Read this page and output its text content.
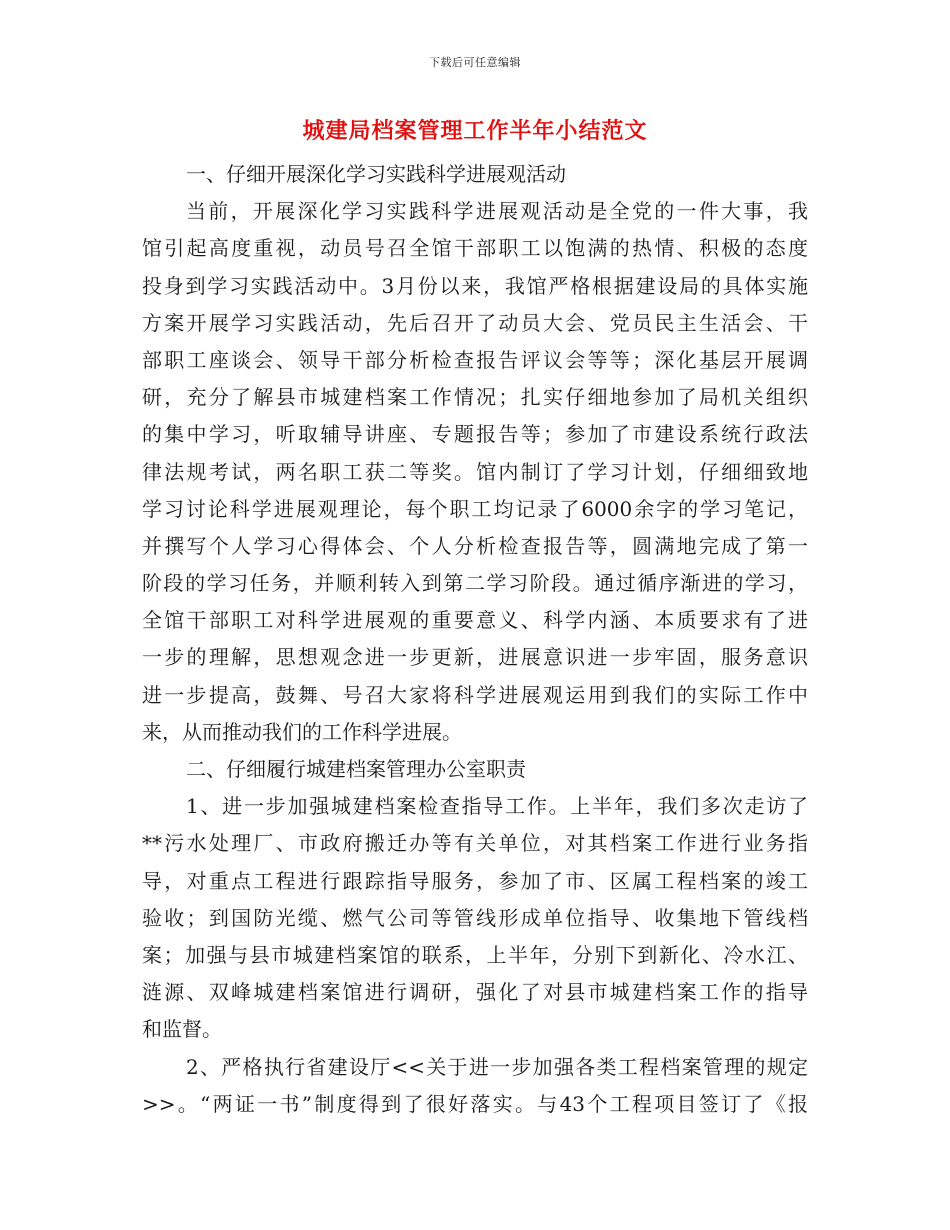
下载后可任意编辑
城建局档案管理工作半年小结范文
一、仔细开展深化学习实践科学进展观活动
当前，开展深化学习实践科学进展观活动是全党的一件大事，我
馆引起高度重视，动员号召全馆干部职工以饱满的热情、积极的态度
投身到学习实践活动中。3月份以来，我馆严格根据建设局的具体实施
方案开展学习实践活动，先后召开了动员大会、党员民主生活会、干
部职工座谈会、领导干部分析检查报告评议会等等；深化基层开展调
研，充分了解县市城建档案工作情况；扎实仔细地参加了局机关组织
的集中学习，听取辅导讲座、专题报告等；参加了市建设系统行政法
律法规考试，两名职工获二等奖。馆内制订了学习计划，仔细细致地
学习讨论科学进展观理论，每个职工均记录了6000余字的学习笔记，
并撰写个人学习心得体会、个人分析检查报告等，圆满地完成了第一
阶段的学习任务，并顺利转入到第二学习阶段。通过循序渐进的学习，
全馆干部职工对科学进展观的重要意义、科学内涵、本质要求有了进
一步的理解，思想观念进一步更新，进展意识进一步牢固，服务意识
进一步提高，鼓舞、号召大家将科学进展观运用到我们的实际工作中
来，从而推动我们的工作科学进展。
二、仔细履行城建档案管理办公室职责
1、进一步加强城建档案检查指导工作。上半年，我们多次走访了
**污水处理厂、市政府搬迁办等有关单位，对其档案工作进行业务指
导，对重点工程进行跟踪指导服务，参加了市、区属工程档案的竣工
验收；到国防光缆、燃气公司等管线形成单位指导、收集地下管线档
案；加强与县市城建档案馆的联系，上半年，分别下到新化、冷水江、
涟源、双峰城建档案馆进行调研，强化了对县市城建档案工作的指导
和监督。
2、严格执行省建设厅<<关于进一步加强各类工程档案管理的规定
>>。“两证一书”制度得到了很好落实。与43个工程项目签订了《报
